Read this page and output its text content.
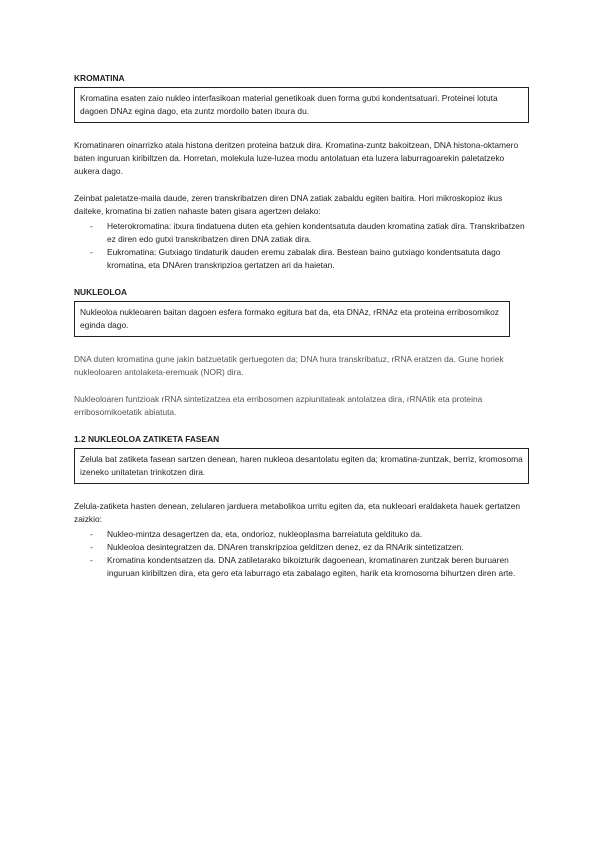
KROMATINA
Kromatina esaten zaio nukleo interfasikoan material genetikoak duen forma gutxi kondentsatuari. Proteinei lotuta dagoen DNAz egina dago, eta zuntz mordoilo baten itxura du.
Kromatinaren oinarrizko atala histona deritzen proteina batzuk dira. Kromatina-zuntz bakoitzean, DNA histona-oktamero baten inguruan kiribiltzen da. Horretan, molekula luze-luzea modu antolatuan eta luzera laburragoarekin paletatzeko aukera dago.
Zeinbat paletatze-maila daude, zeren transkribatzen diren DNA zatiak zabaldu egiten baitira. Hori mikroskopioz ikus daiteke, kromatina bi zatien nahaste baten gisara agertzen delako:
- Heterokromatina: itxura tindatuena duten eta gehien kondentsatuta dauden kromatina zatiak dira. Transkribatzen ez diren edo gutxi transkribatzen diren DNA zatiak dira.
- Eukromatina: Gutxiago tindaturik dauden eremu zabalak dira. Bestean baino gutxiago kondentsatuta dago kromatina, eta DNAren transkripzioa gertatzen ari da haietan.
NUKLEOLOA
Nukleoloa nukleoaren baitan dagoen esfera formako egitura bat da, eta DNAz, rRNAz eta proteina erribosomikoz egindа dago.
DNA duten kromatina gune jakin batzuetatik gertuegoten da; DNA hura transkribatuz, rRNA eratzen da. Gune horiek nukleoloaren antolaketa-eremuak (NOR) dira.
Nukleoloaren funtzioak rRNA sintetizatzea eta erribosomen azpiunitateak antolatzea dira, rRNAtik eta proteina erribosomikoetatik abiatuta.
1.2 NUKLEOLOA ZATIKETA FASEAN
Zelula bat zatiketa fasean sartzen denean, haren nukleoa desantolatu egiten da; kromatina-zuntzak, berriz, kromosoma izeneko unitatetan trinkotzen dira.
Zelula-zatiketa hasten denean, zelularen jarduera metabolikoa urritu egiten da, eta nukleoari eraldaketa hauek gertatzen zaizkio:
- Nukleo-mintza desagertzen da, eta, ondorioz, nukleoplasma barreiatuta geldituko da.
- Nukleoloa desintegratzen da. DNAren transkripzioa gelditzen denez, ez da RNArik sintetizatzen.
- Kromatina kondentsatzen da. DNA zatiletarako bikoizturik dagoenean, kromatinaren zuntzak beren buruaren inguruan kiribiltzen dira, eta gero eta laburrago eta zabalago egiten, harik eta kromosoma bihurtzen diren arte.
